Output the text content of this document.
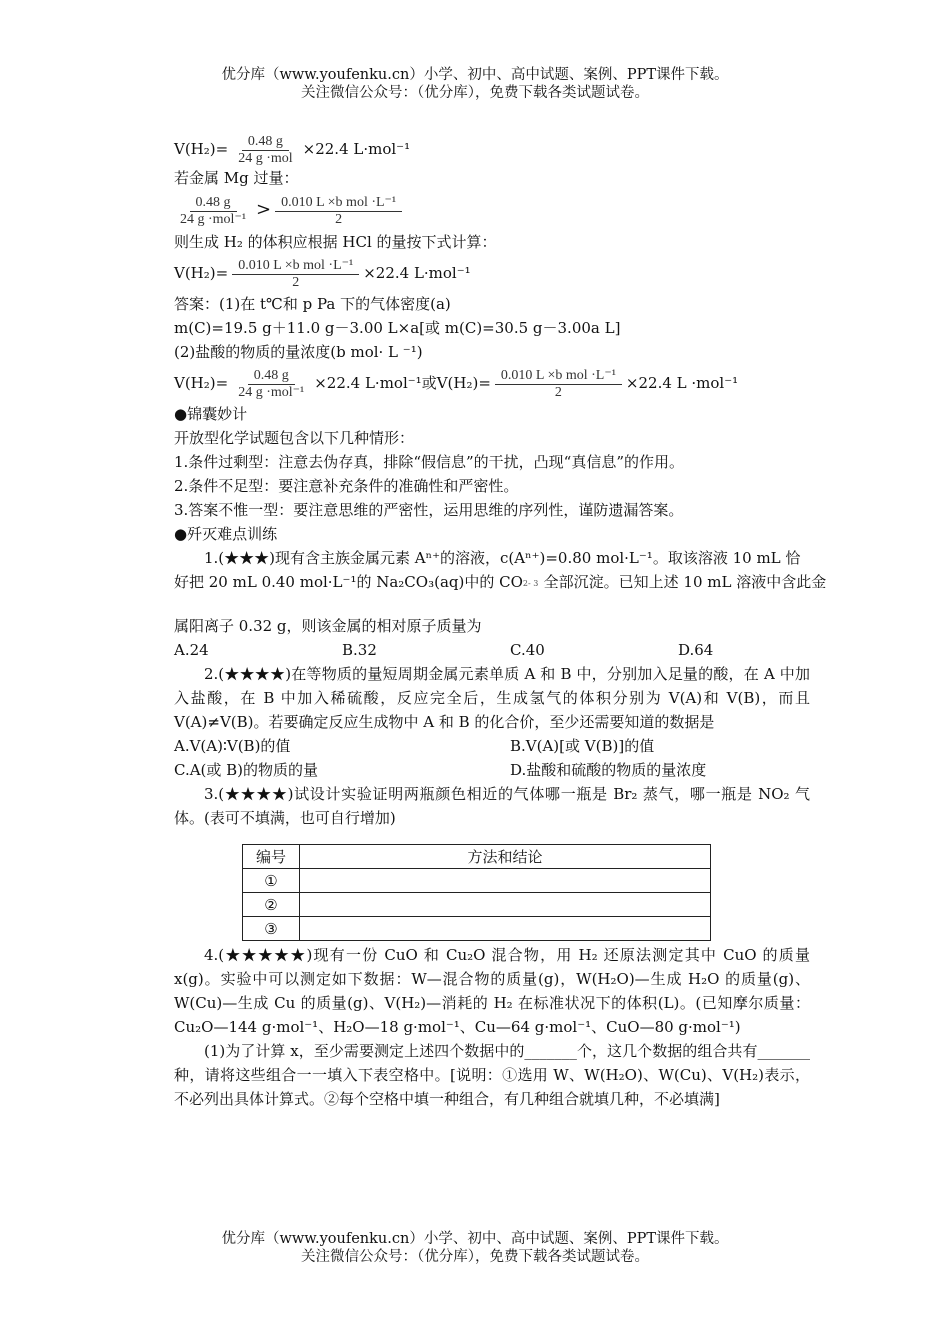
优分库（www.youfenku.cn）小学、初中、高中试题、案例、PPT课件下载。
关注微信公众号：（优分库），免费下载各类试题试卷。
$V(H_2)= \frac{0.48 g}{\text{24 g ·mol}} \times 22.4$ L·mol⁻¹
若金属 Mg 过量：
$\frac{0.48 g}{\text{24 g ·mol⁻¹}} > \frac{\text{0.010 L ×b mol ·L⁻¹}}{2}$
则生成 H₂ 的体积应根据 HCl 的量按下式计算：
$V(H_2)= \frac{\text{0.010 L ×b mol ·L⁻¹}}{2} \times 22.4$ L·mol⁻¹
答案：(1)在 t℃和 p Pa 下的气体密度(a)
m(C)=19.5 g＋11.0 g－3.00 L×a[或 m(C)=30.5 g－3.00a L]
(2)盐酸的物质的量浓度(b mol· L ⁻¹)
$V(H_2)= \frac{0.48 g}{\text{24 g ·mol⁻¹}} \times 22.4$ L·mol⁻¹或$V(H_2)= \frac{\text{0.010 L ×b mol ·L⁻¹}}{2} \times 22.4$ L ·mol⁻¹
●锦囊妙计
开放型化学试题包含以下几种情形：
1.条件过剩型：注意去伪存真，排除“假信息”的干扰，凸现“真信息”的作用。
2.条件不足型：要注意补充条件的准确性和严密性。
3.答案不惟一型：要注意思维的严密性，运用思维的序列性，谨防遗漏答案。
●歼灭难点训练
1.(★★★)现有含主族金属元素 Aⁿ⁺的溶液，c(Aⁿ⁺)=0.80 mol·L⁻¹。取该溶液 10 mL 恰
好把 20 mL 0.40 mol·L⁻¹的 Na₂CO₃(aq)中的 CO2- 3 全部沉淀。已知上述 10 mL 溶液中含此金
属阳离子 0.32 g，则该金属的相对原子质量为
A.24	B.32	C.40	D.64
2.(★★★★)在等物质的量短周期金属元素单质 A 和 B 中，分别加入足量的酸，在 A 中加入盐酸，在 B 中加入稀硫酸，反应完全后，生成氢气的体积分别为 V(A)和 V(B)，而且 V(A)≠V(B)。若要确定反应生成物中 A 和 B 的化合价，至少还需要知道的数据是
A.V(A)∶V(B)的值	B.V(A)[或 V(B)]的值
C.A(或 B)的物质的量	D.盐酸和硫酸的物质的量浓度
3.(★★★★)试设计实验证明两瓶颜色相近的气体哪一瓶是 Br₂ 蒸气，哪一瓶是 NO₂ 气体。(表可不填满，也可自行增加)
编号	方法和结论
①	
②	
③	
4.(★★★★★)现有一份 CuO 和 Cu₂O 混合物，用 H₂ 还原法测定其中 CuO 的质量 x(g)。实验中可以测定如下数据：W—混合物的质量(g)，W(H₂O)—生成 H₂O 的质量(g)、W(Cu)—生成 Cu 的质量(g)、V(H₂)—消耗的 H₂ 在标准状况下的体积(L)。(已知摩尔质量：Cu₂O—144 g·mol⁻¹、H₂O—18 g·mol⁻¹、Cu—64 g·mol⁻¹、CuO—80 g·mol⁻¹)
(1)为了计算 x，至少需要测定上述四个数据中的_______个，这几个数据的组合共有_______种，请将这些组合一一填入下表空格中。[说明：①选用 W、W(H₂O)、W(Cu)、V(H₂)表示，不必列出具体计算式。②每个空格中填一种组合，有几种组合就填几种，不必填满]
优分库（www.youfenku.cn）小学、初中、高中试题、案例、PPT课件下载。
关注微信公众号：（优分库），免费下载各类试题试卷。
